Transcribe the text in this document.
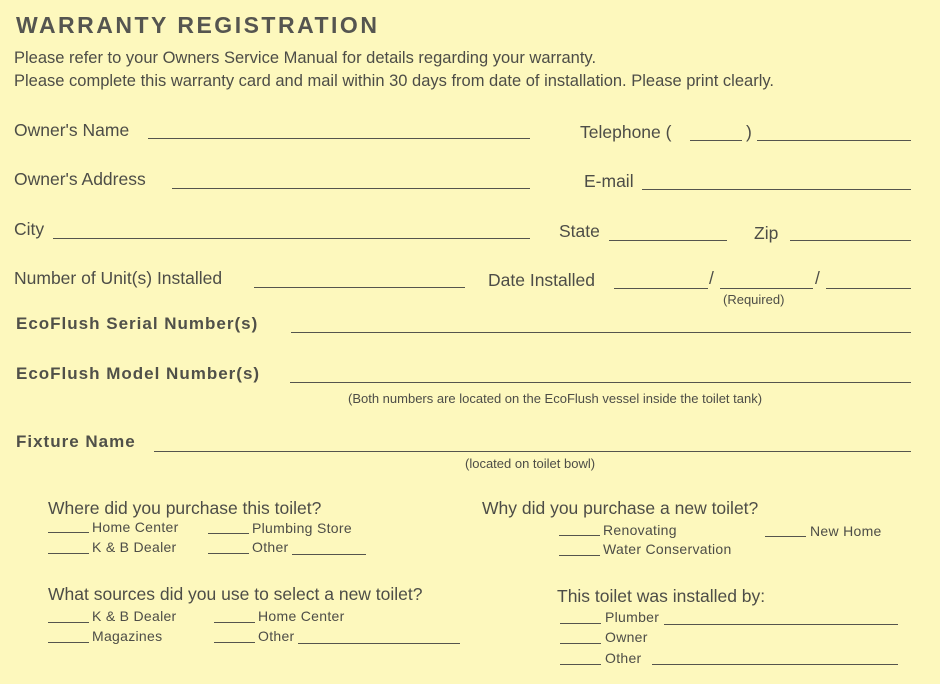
WARRANTY REGISTRATION
Please refer to your Owners Service Manual for details regarding your warranty.
Please complete this warranty card and mail within 30 days from date of installation. Please print clearly.
Owner's Name	Telephone (	)
Owner's Address	E-mail
City	State	Zip
Number of Unit(s) Installed	Date Installed	/	/
(Required)
EcoFlush Serial Number(s)
EcoFlush Model Number(s)
(Both numbers are located on the EcoFlush vessel inside the toilet tank)
Fixture Name
(located on toilet bowl)
Where did you purchase this toilet?
Home Center	Plumbing Store
K & B Dealer	Other
Why did you purchase a new toilet?
Renovating	New Home
Water Conservation
What sources did you use to select a new toilet?
K & B Dealer	Home Center
Magazines	Other
This toilet was installed by:
Plumber
Owner
Other
